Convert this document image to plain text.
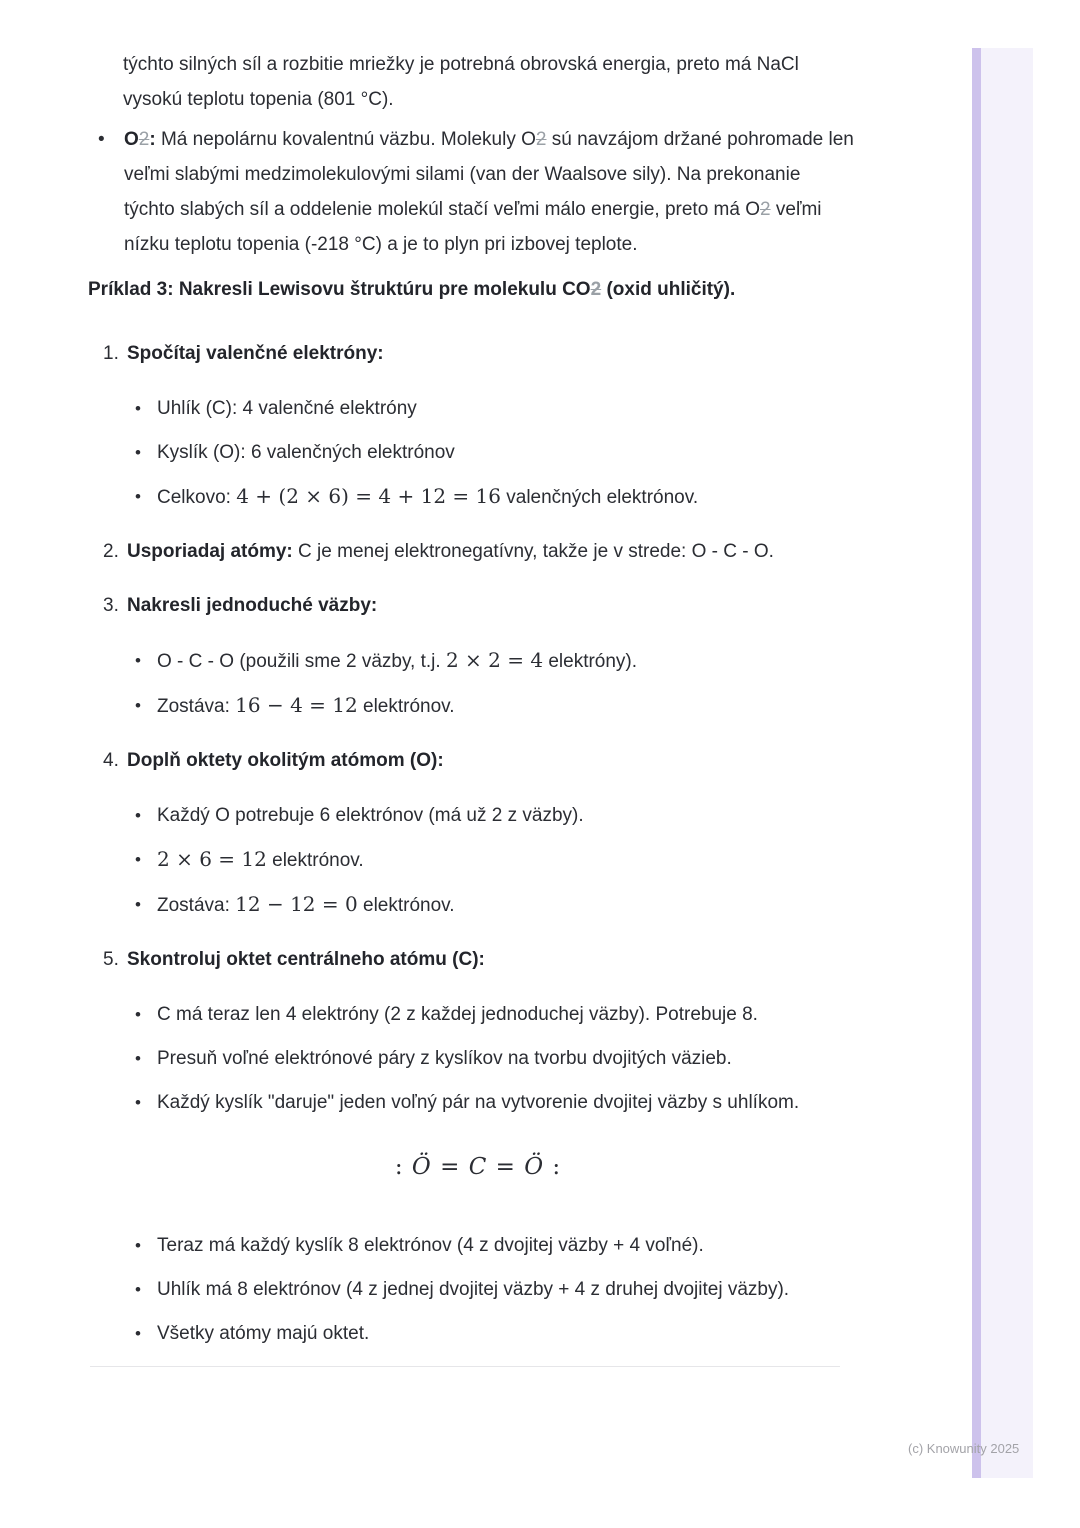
týchto silných síl a rozbitie mriežky je potrebná obrovská energia, preto má NaCl vysokú teplotu topenia (801 °C).
• O2: Má nepolárnu kovalentnú väzbu. Molekuly O2 sú navzájom držané pohromade len veľmi slabými medzimolekulovými silami (van der Waalsove sily). Na prekonanie týchto slabých síl a oddelenie molekúl stačí veľmi málo energie, preto má O2 veľmi nízku teplotu topenia (-218 °C) a je to plyn pri izbovej teplote.
Príklad 3: Nakresli Lewisovu štruktúru pre molekulu CO2 (oxid uhličitý).
1. Spočítaj valenčné elektróny:
• Uhlík (C): 4 valenčné elektróny
• Kyslík (O): 6 valenčných elektrónov
• Celkovo: 4 + (2 × 6) = 4 + 12 = 16 valenčných elektrónov.
2. Usporiadaj atómy: C je menej elektronegatívny, takže je v strede: O - C - O.
3. Nakresli jednoduché väzby:
• O - C - O (použili sme 2 väzby, t.j. 2 × 2 = 4 elektróny).
• Zostáva: 16 − 4 = 12 elektrónov.
4. Doplň oktety okolitým atómom (O):
• Každý O potrebuje 6 elektrónov (má už 2 z väzby).
• 2 × 6 = 12 elektrónov.
• Zostáva: 12 − 12 = 0 elektrónov.
5. Skontroluj oktet centrálneho atómu (C):
• C má teraz len 4 elektróny (2 z každej jednoduchej väzby). Potrebuje 8.
• Presuň voľné elektrónové páry z kyslíkov na tvorbu dvojitých väzieb.
• Každý kyslík "daruje" jeden voľný pár na vytvorenie dvojitej väzby s uhlíkom.
: Ö = C = Ö :
• Teraz má každý kyslík 8 elektrónov (4 z dvojitej väzby + 4 voľné).
• Uhlík má 8 elektrónov (4 z jednej dvojitej väzby + 4 z druhej dvojitej väzby).
• Všetky atómy majú oktet.
(c) Knowunity 2025
